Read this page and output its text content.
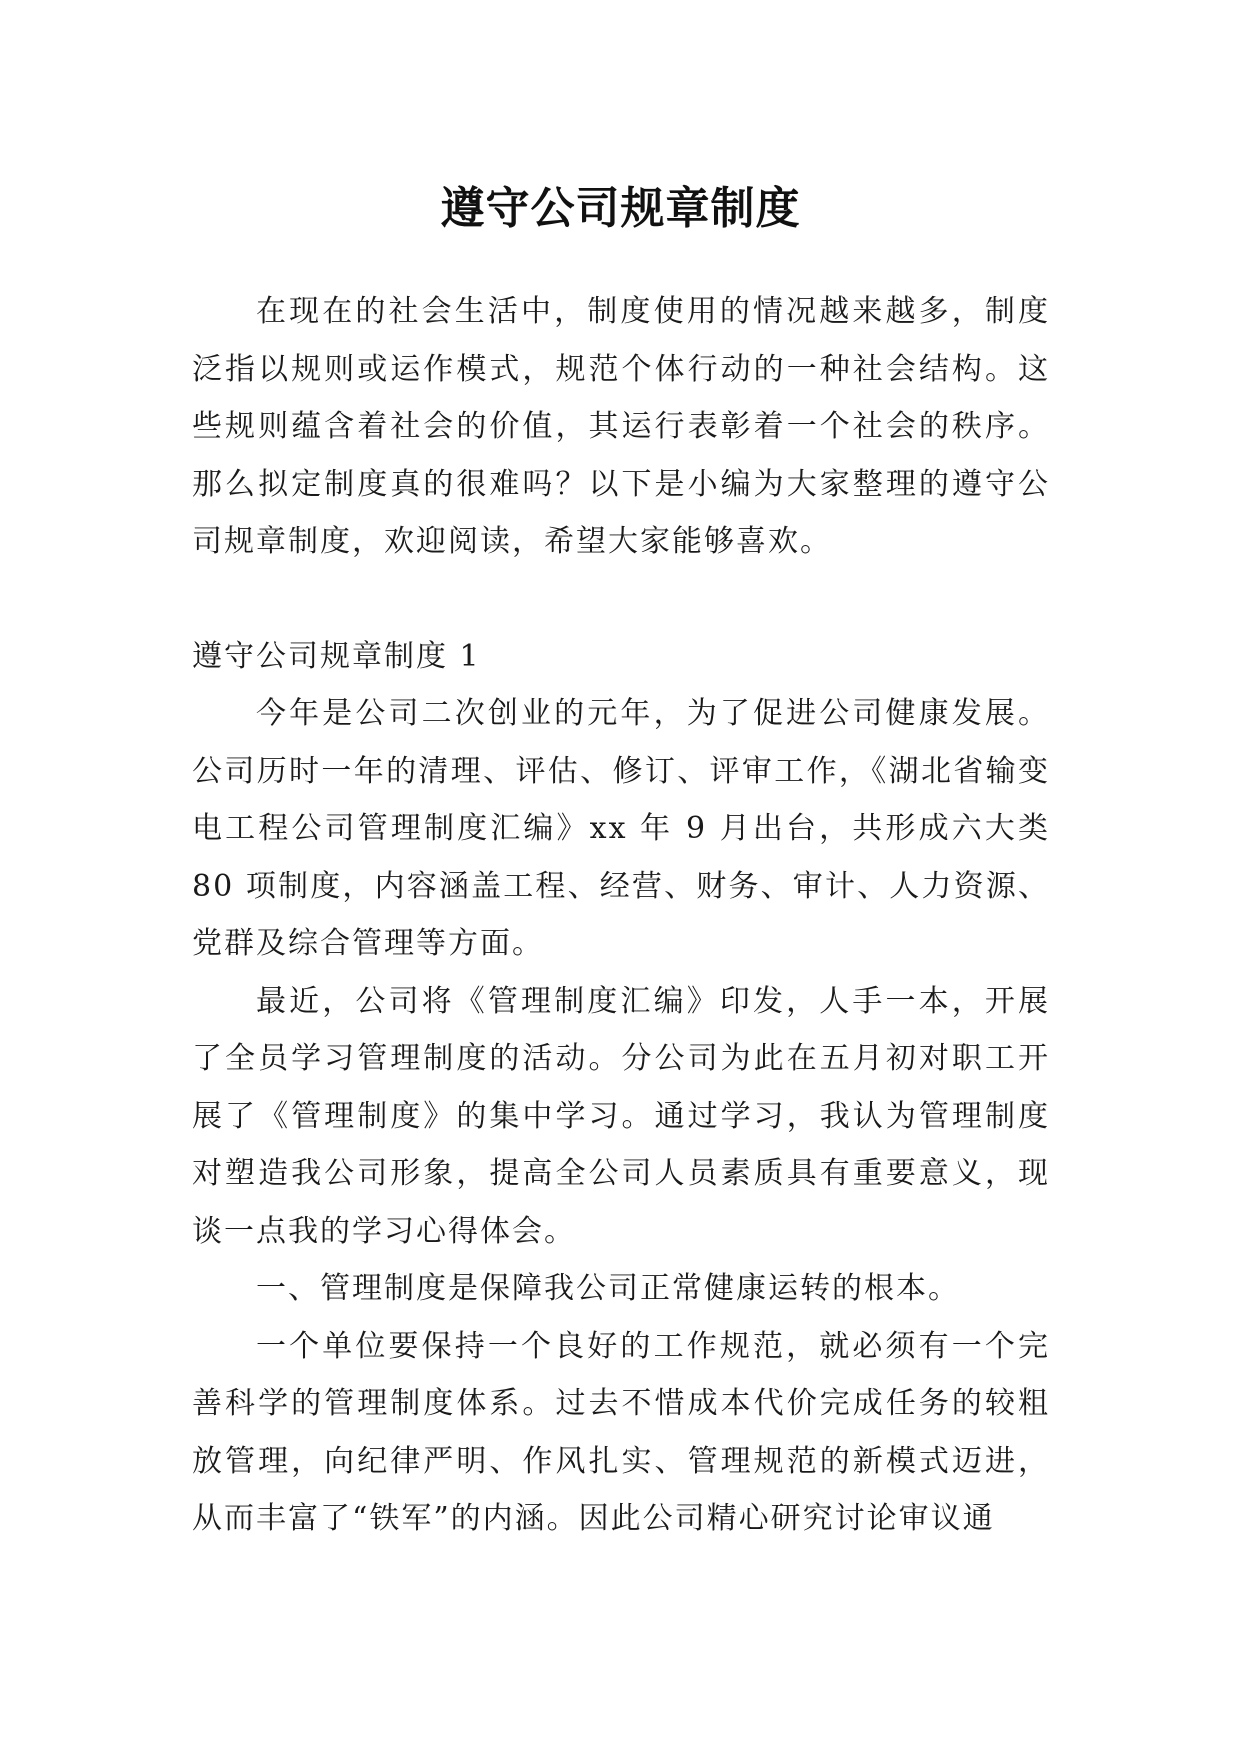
遵守公司规章制度

在现在的社会生活中，制度使用的情况越来越多，制度泛指以规则或运作模式，规范个体行动的一种社会结构。这些规则蕴含着社会的价值，其运行表彰着一个社会的秩序。那么拟定制度真的很难吗？以下是小编为大家整理的遵守公司规章制度，欢迎阅读，希望大家能够喜欢。

遵守公司规章制度 1

今年是公司二次创业的元年，为了促进公司健康发展。公司历时一年的清理、评估、修订、评审工作，《湖北省输变电工程公司管理制度汇编》xx 年 9 月出台，共形成六大类 80 项制度，内容涵盖工程、经营、财务、审计、人力资源、党群及综合管理等方面。

最近，公司将《管理制度汇编》印发，人手一本，开展了全员学习管理制度的活动。分公司为此在五月初对职工开展了《管理制度》的集中学习。通过学习，我认为管理制度对塑造我公司形象，提高全公司人员素质具有重要意义，现谈一点我的学习心得体会。

一、管理制度是保障我公司正常健康运转的根本。

一个单位要保持一个良好的工作规范，就必须有一个完善科学的管理制度体系。过去不惜成本代价完成任务的较粗放管理，向纪律严明、作风扎实、管理规范的新模式迈进，从而丰富了“铁军”的内涵。因此公司精心研究讨论审议通
